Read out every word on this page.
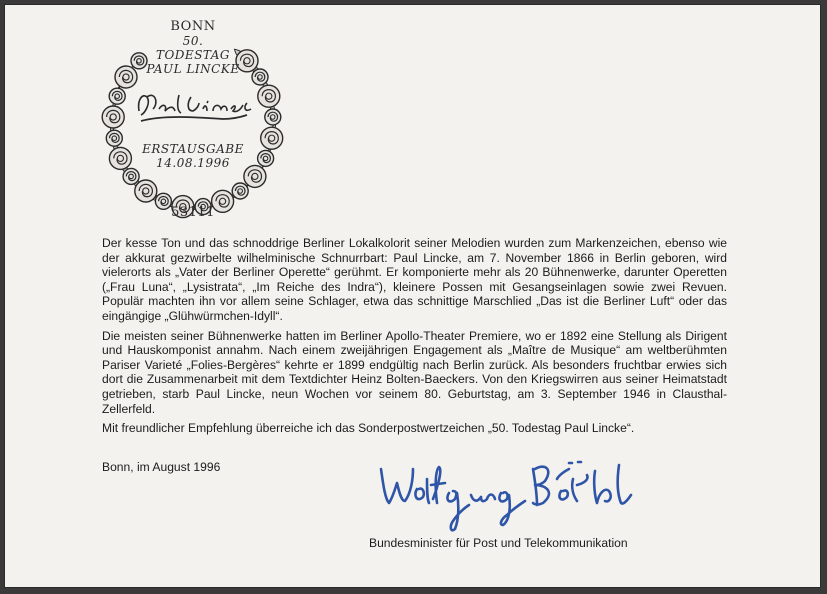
BONN
50.
TODESTAG
PAUL LINCKE
ERSTAUSGABE
14.08.1996
53111

Der kesse Ton und das schnoddrige Berliner Lokalkolorit seiner Melodien wurden zum Markenzeichen, ebenso wie der akkurat gezwirbelte wilhelminische Schnurrbart: Paul Lincke, am 7. November 1866 in Berlin geboren, wird vielerorts als „Vater der Berliner Operette“ gerühmt. Er komponierte mehr als 20 Bühnenwerke, darunter Operetten („Frau Luna“, „Lysistrata“, „Im Reiche des Indra“), kleinere Possen mit Gesangseinlagen sowie zwei Revuen. Populär machten ihn vor allem seine Schlager, etwa das schnittige Marschlied „Das ist die Berliner Luft“ oder das eingängige „Glühwürmchen-Idyll“.

Die meisten seiner Bühnenwerke hatten im Berliner Apollo-Theater Premiere, wo er 1892 eine Stellung als Dirigent und Hauskomponist annahm. Nach einem zweijährigen Engagement als „Maître de Musique“ am weltberühmten Pariser Varieté „Folies-Bergères“ kehrte er 1899 endgültig nach Berlin zurück. Als besonders fruchtbar erwies sich dort die Zusammenarbeit mit dem Textdichter Heinz Bolten-Baeckers. Von den Kriegswirren aus seiner Heimatstadt getrieben, starb Paul Lincke, neun Wochen vor seinem 80. Geburtstag, am 3. September 1946 in Clausthal-Zellerfeld.

Mit freundlicher Empfehlung überreiche ich das Sonderpostwertzeichen „50. Todestag Paul Lincke“.

Bonn, im August 1996
Bundesminister für Post und Telekommunikation
